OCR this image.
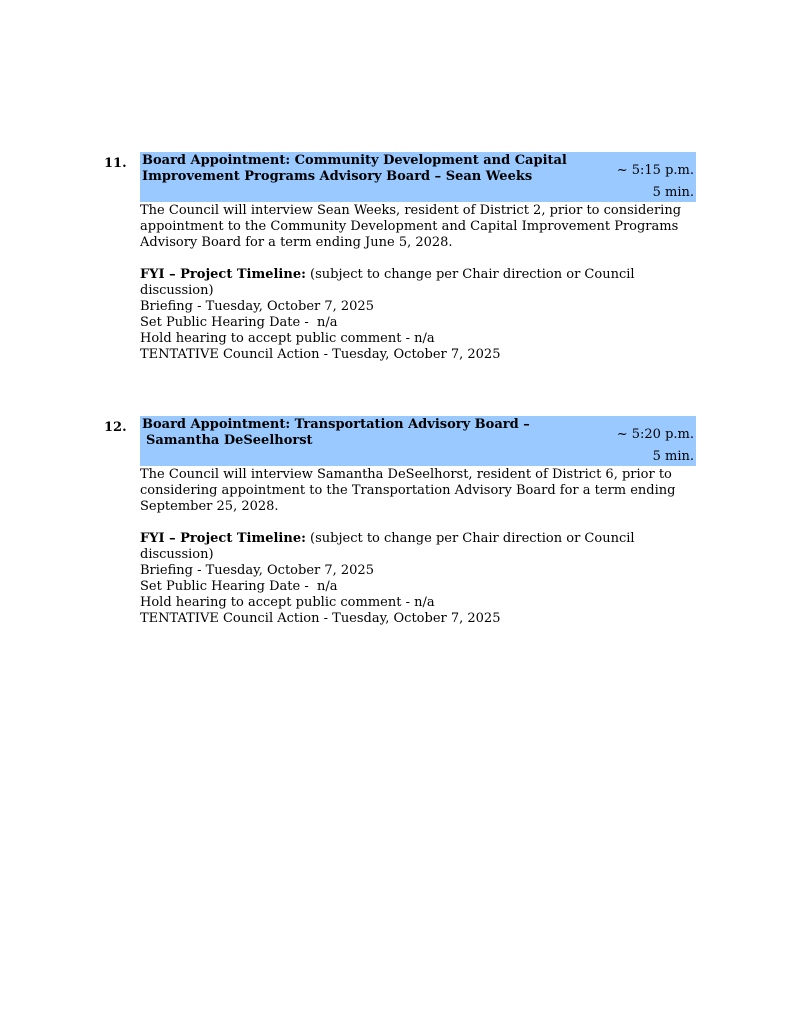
11. Board Appointment: Community Development and Capital
Improvement Programs Advisory Board – Sean Weeks	~ 5:15 p.m.
5 min.

The Council will interview Sean Weeks, resident of District 2, prior to considering appointment to the Community Development and Capital Improvement Programs Advisory Board for a term ending June 5, 2028.

FYI – Project Timeline: (subject to change per Chair direction or Council discussion)

Briefing - Tuesday, October 7, 2025

Set Public Hearing Date -  n/a

Hold hearing to accept public comment - n/a

TENTATIVE Council Action - Tuesday, October 7, 2025

12. Board Appointment: Transportation Advisory Board –
Samantha DeSeelhorst	~ 5:20 p.m.
5 min.

The Council will interview Samantha DeSeelhorst, resident of District 6, prior to considering appointment to the Transportation Advisory Board for a term ending September 25, 2028.

FYI – Project Timeline: (subject to change per Chair direction or Council discussion)

Briefing - Tuesday, October 7, 2025

Set Public Hearing Date -  n/a

Hold hearing to accept public comment - n/a

TENTATIVE Council Action - Tuesday, October 7, 2025
